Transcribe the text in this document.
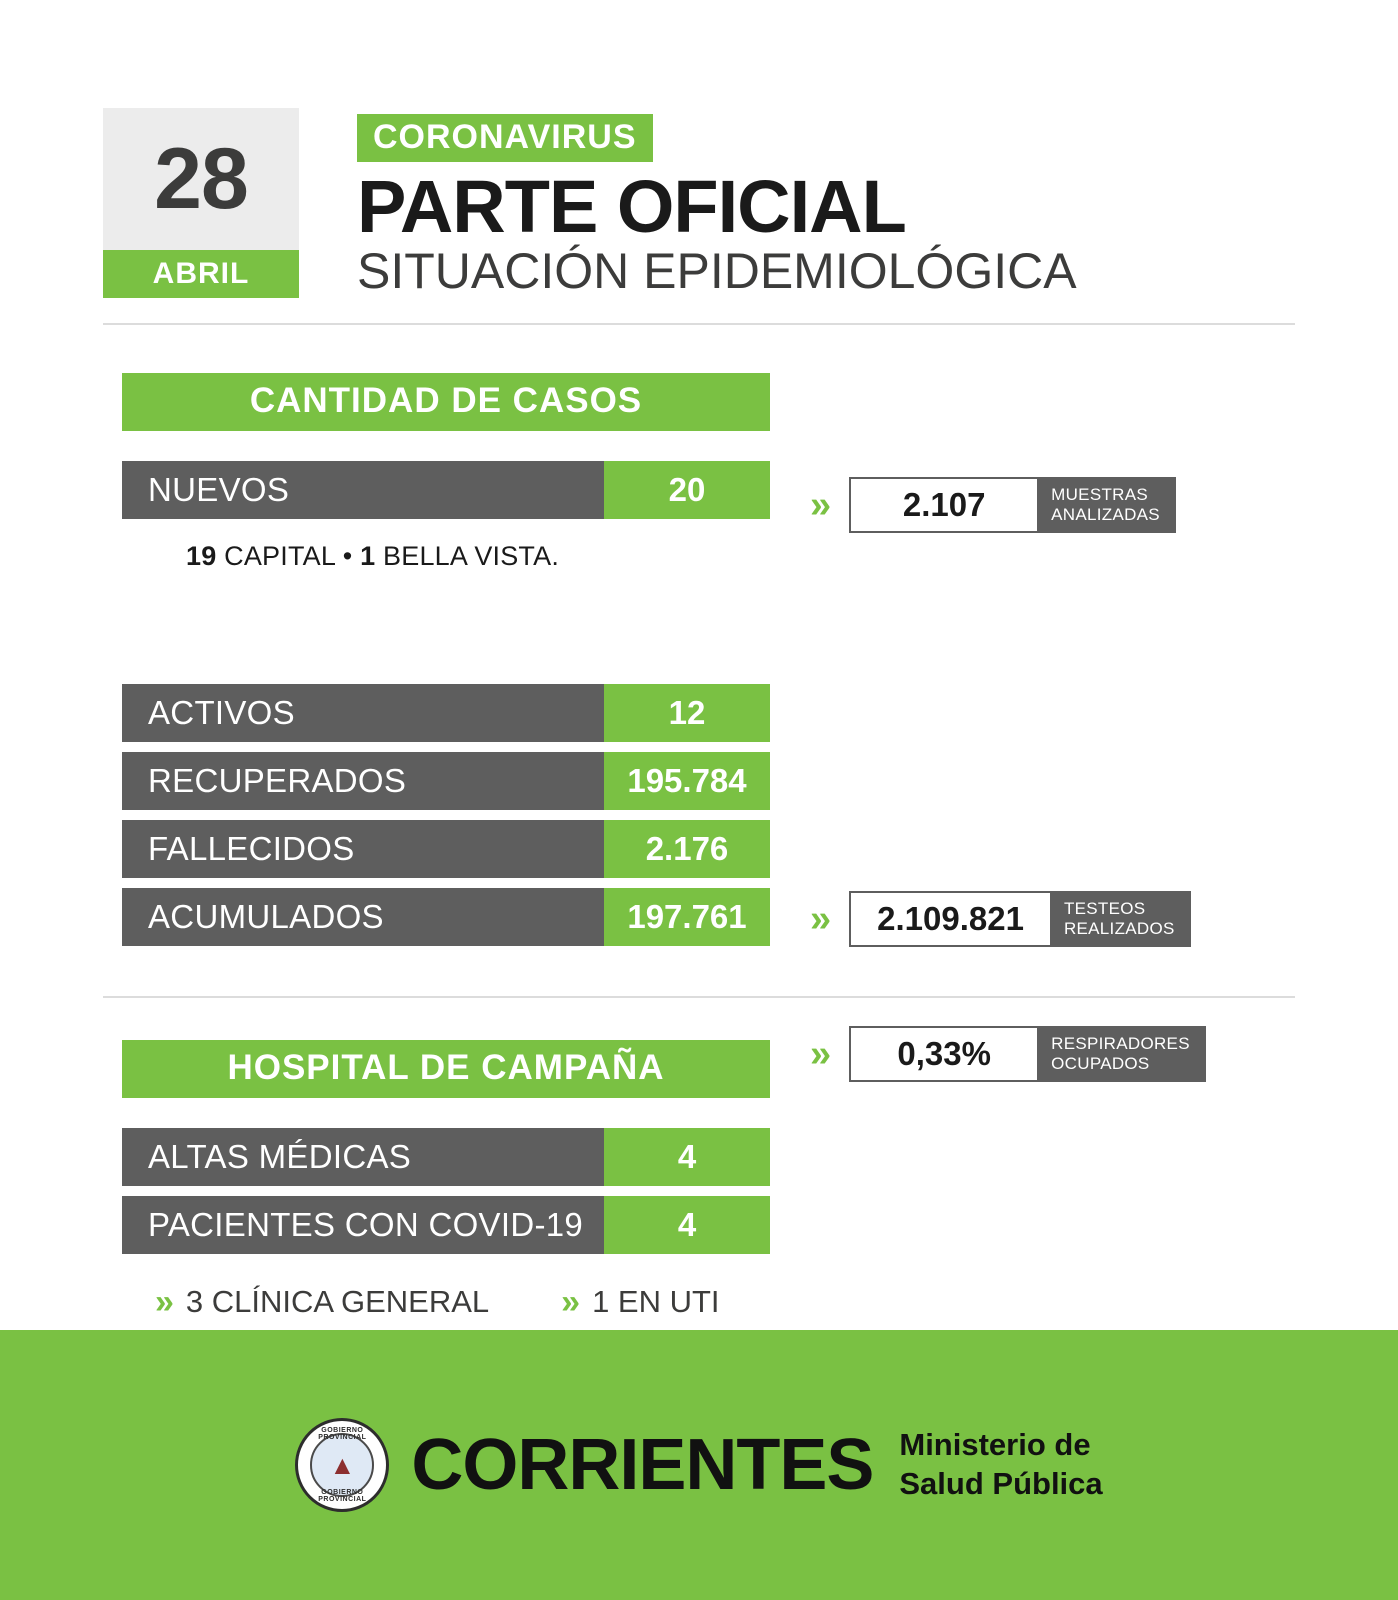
28
ABRIL
CORONAVIRUS
PARTE OFICIAL
SITUACIÓN EPIDEMIOLÓGICA
CANTIDAD DE CASOS
NUEVOS	20	»	2.107	MUESTRAS
ANALIZADAS
19 CAPITAL • 1 BELLA VISTA.
ACTIVOS	12
RECUPERADOS	195.784
FALLECIDOS	2.176
ACUMULADOS	197.761	»	2.109.821	TESTEOS
REALIZADOS
HOSPITAL DE CAMPAÑA	»	0,33%	RESPIRADORES
OCUPADOS
ALTAS MÉDICAS	4
PACIENTES CON COVID-19	4
» 3 CLÍNICA GENERAL » 1 EN UTI
GOBIERNO PROVINCIAL
▲
GOBIERNO PROVINCIAL CORRIENTES Ministerio de
Salud Pública
